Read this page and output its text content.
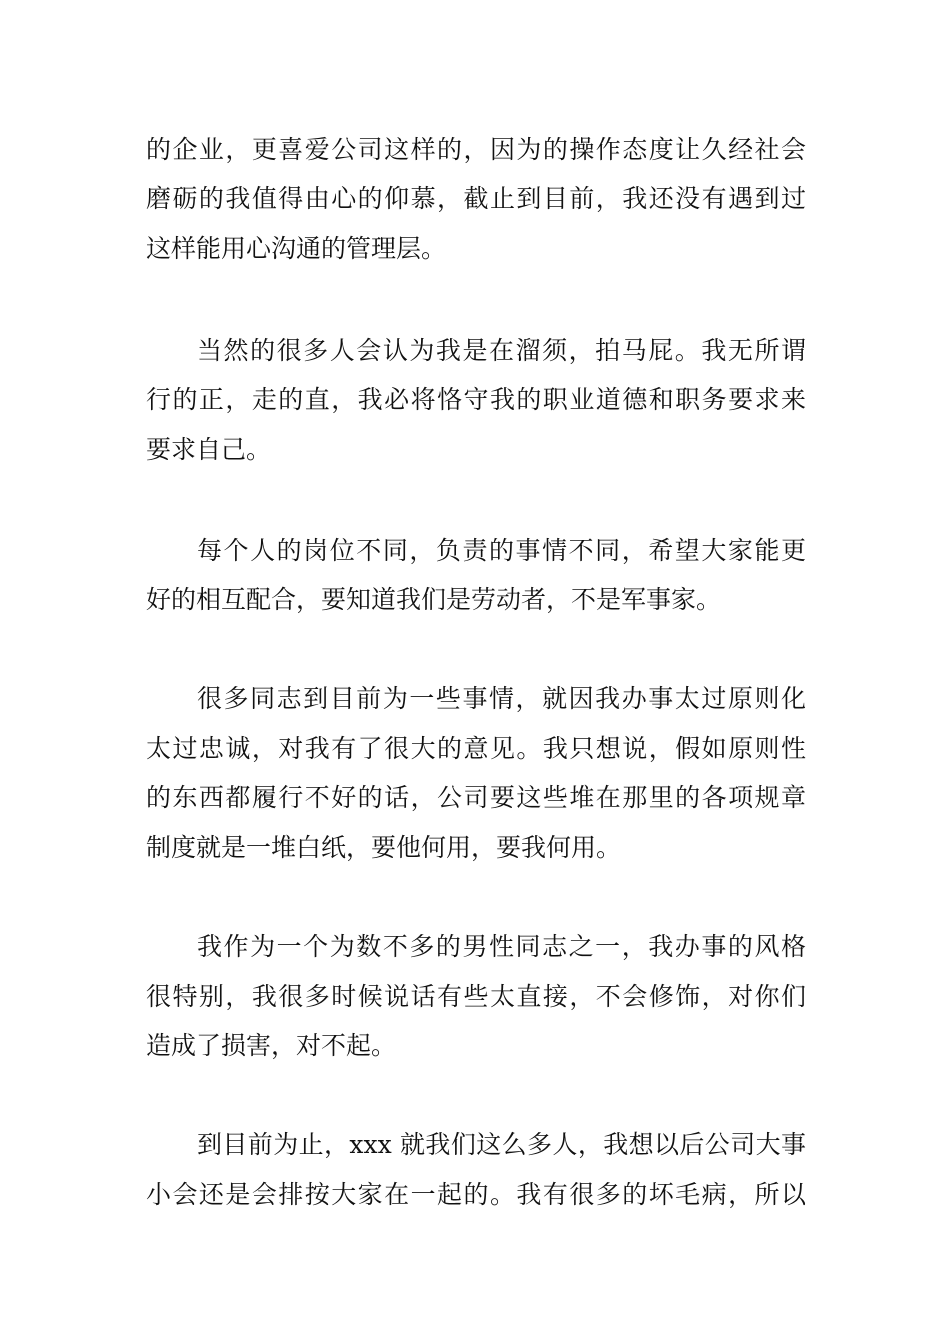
的企业，更喜爱公司这样的，因为的操作态度让久经社会

磨砺的我值得由心的仰慕，截止到目前，我还没有遇到过

这样能用心沟通的管理层。

当然的很多人会认为我是在溜须，拍马屁。我无所谓

行的正，走的直，我必将恪守我的职业道德和职务要求来

要求自己。

每个人的岗位不同，负责的事情不同，希望大家能更

好的相互配合，要知道我们是劳动者，不是军事家。

很多同志到目前为一些事情，就因我办事太过原则化

太过忠诚，对我有了很大的意见。我只想说，假如原则性

的东西都履行不好的话，公司要这些堆在那里的各项规章

制度就是一堆白纸，要他何用，要我何用。

我作为一个为数不多的男性同志之一，我办事的风格

很特别，我很多时候说话有些太直接，不会修饰，对你们

造成了损害，对不起。

到目前为止，xxx 就我们这么多人，我想以后公司大事

小会还是会排按大家在一起的。我有很多的坏毛病，所以
